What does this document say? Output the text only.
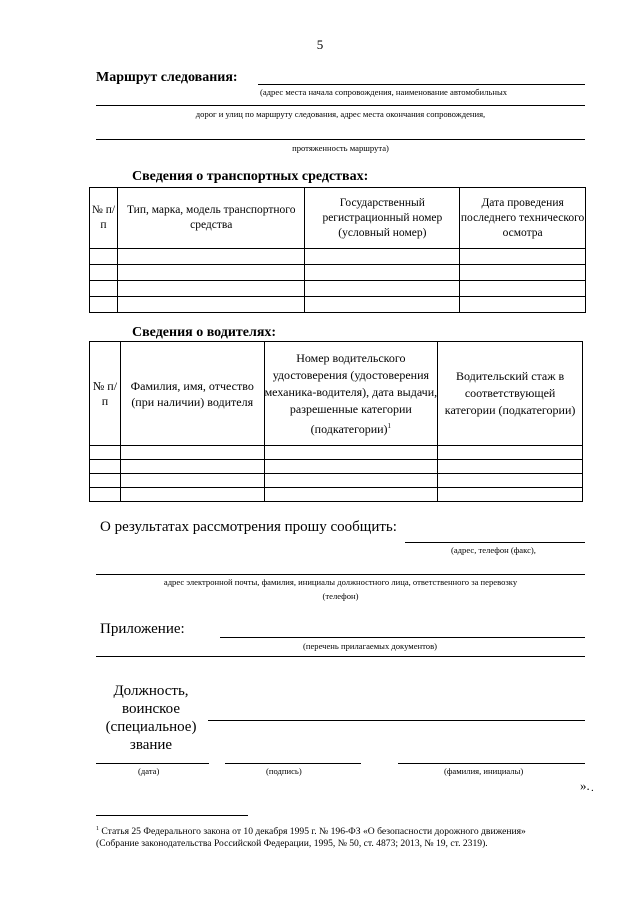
5
Маршрут следования:
(адрес места начала сопровождения, наименование автомобильных
дорог и улиц по маршруту следования, адрес места окончания сопровождения,
протяженность маршрута)
Сведения о транспортных средствах:
№ п/п	Тип, марка, модель транспортного средства	Государственный регистрационный номер (условный номер)	Дата проведения последнего технического осмотра

Сведения о водителях:
№ п/п	Фамилия, имя, отчество (при наличии) водителя	Номер водительского удостоверения (удостоверения механика-водителя), дата выдачи, разрешенные категории (подкатегории)$^1$	Водительский стаж в соответствующей категории (подкатегории)

О результатах рассмотрения прошу сообщить:
(адрес, телефон (факс),
адрес электронной почты, фамилия, инициалы должностного лица, ответственного за перевозку
(телефон)
Приложение:
(перечень прилагаемых документов)
Должность,
воинское
(специальное)
звание
(дата)	(подпись)	(фамилия, инициалы)
». .
$^1$ Статья 25 Федерального закона от 10 декабря 1995 г. № 196-ФЗ «О безопасности дорожного движения»
(Собрание законодательства Российской Федерации, 1995, № 50, ст. 4873; 2013, № 19, ст. 2319).
